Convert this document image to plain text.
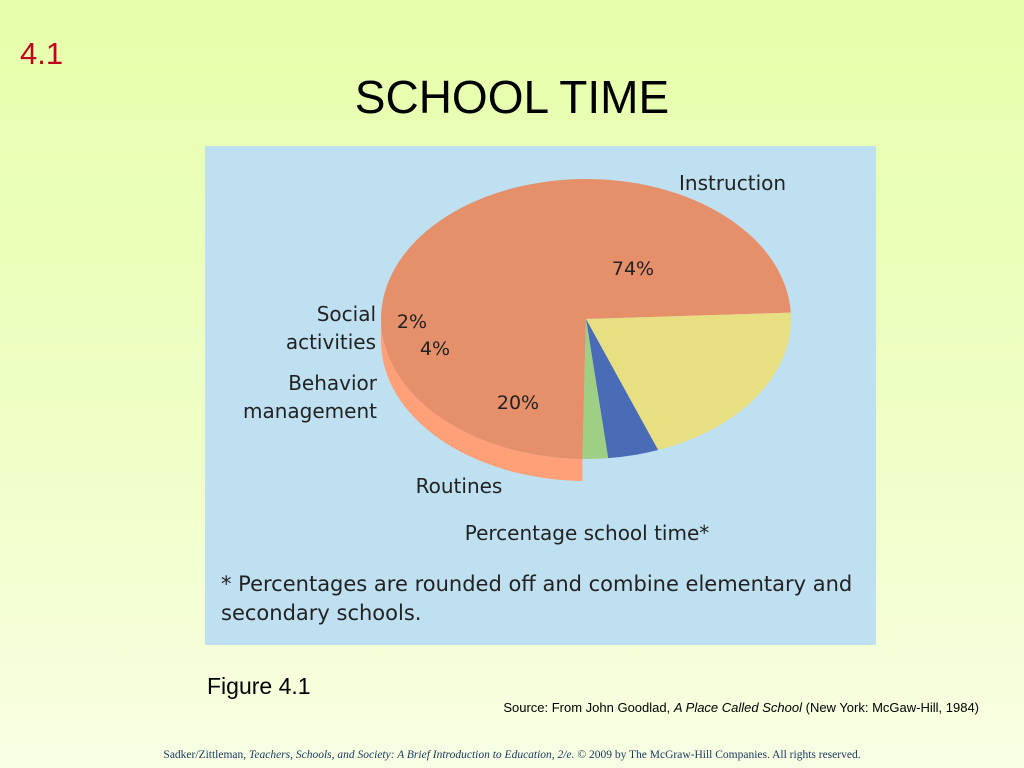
4.1
SCHOOL TIME
74%
20%
4%
2%
Instruction
Routines
Social activities
Behavior management
Percentage school time*
* Percentages are rounded off and combine elementary and secondary schools.
Figure 4.1
Source: From John Goodlad, A Place Called School (New York: McGaw-Hill, 1984)
Sadker/Zittleman, Teachers, Schools, and Society: A Brief Introduction to Education, 2/e. © 2009 by The McGraw-Hill Companies. All rights reserved.
